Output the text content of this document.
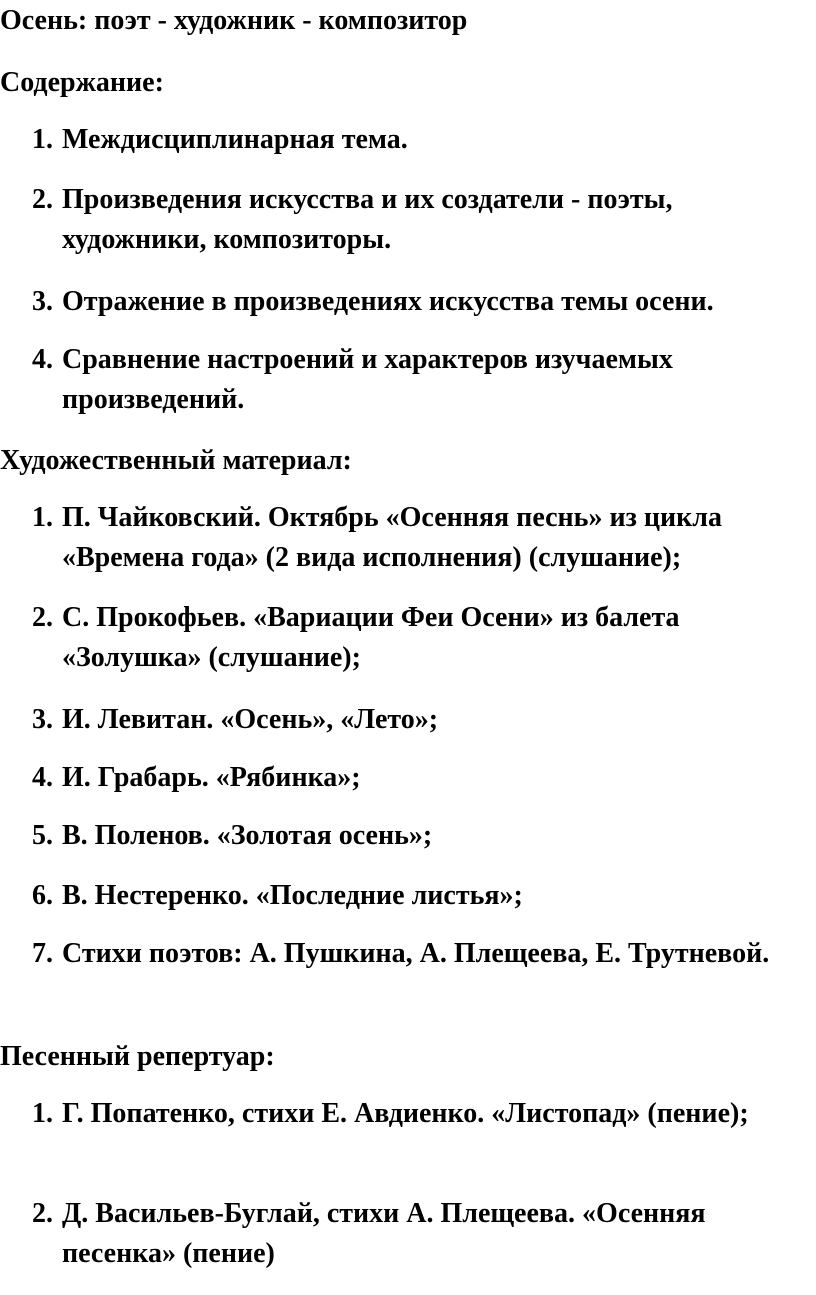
Осень: поэт - художник - композитор
Содержание:
1. Междисциплинарная тема.
2. Произведения искусства и их создатели - поэты, художники, композиторы.
3. Отражение в произведениях искусства темы осени.
4. Сравнение настроений и характеров изучаемых произведений.
Художественный материал:
1. П. Чайковский. Октябрь «Осенняя песнь» из цикла «Времена года» (2 вида исполнения) (слушание);
2. С. Прокофьев. «Вариации Феи Осени» из балета «Золушка» (слушание);
3. И. Левитан. «Осень», «Лето»;
4. И. Грабарь. «Рябинка»;
5. В. Поленов. «Золотая осень»;
6. В. Нестеренко. «Последние листья»;
7. Стихи поэтов: А. Пушкина, А. Плещеева, Е. Трутневой.
Песенный репертуар:
1. Г. Попатенко, стихи Е. Авдиенко. «Листопад» (пение);
2. Д. Васильев-Буглай, стихи А. Плещеева. «Осенняя песенка» (пение)
